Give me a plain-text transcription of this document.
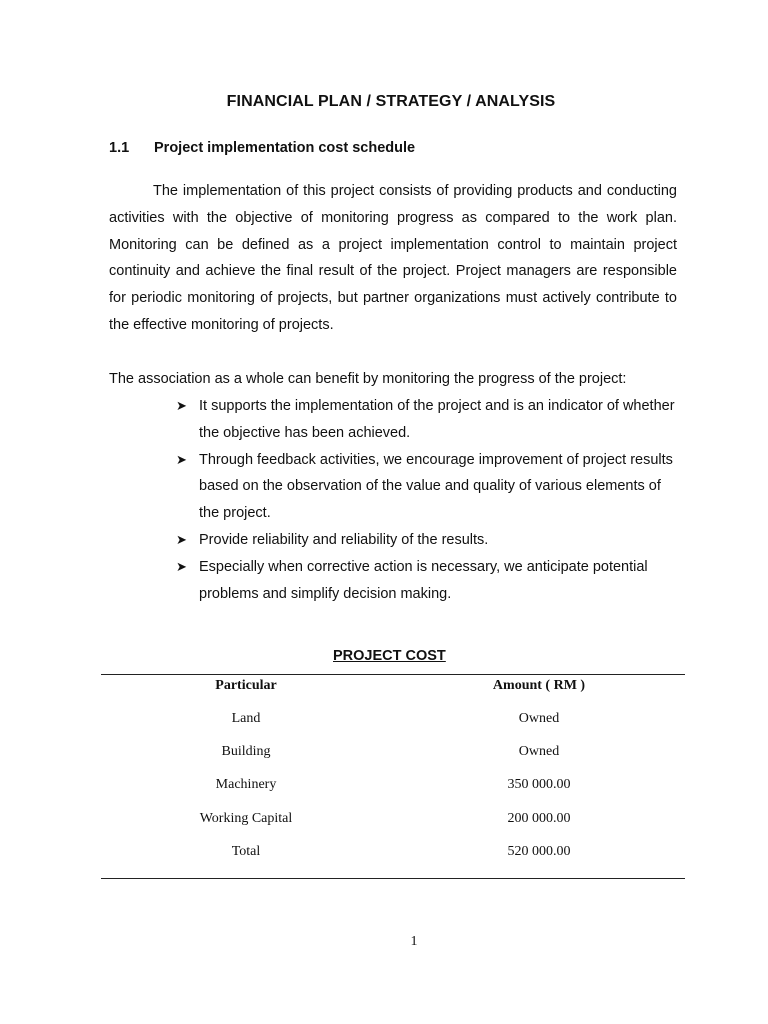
FINANCIAL PLAN / STRATEGY / ANALYSIS
1.1 Project implementation cost schedule
The implementation of this project consists of providing products and conducting activities with the objective of monitoring progress as compared to the work plan. Monitoring can be defined as a project implementation control to maintain project continuity and achieve the final result of the project. Project managers are responsible for periodic monitoring of projects, but partner organizations must actively contribute to the effective monitoring of projects.
The association as a whole can benefit by monitoring the progress of the project:
➤ It supports the implementation of the project and is an indicator of whether the objective has been achieved.
➤ Through feedback activities, we encourage improvement of project results based on the observation of the value and quality of various elements of the project.
➤ Provide reliability and reliability of the results.
➤ Especially when corrective action is necessary, we anticipate potential problems and simplify decision making.
PROJECT COST
Particular	Amount ( RM )
Land	Owned
Building	Owned
Machinery	350 000.00
Working Capital	200 000.00
Total	520 000.00
1
